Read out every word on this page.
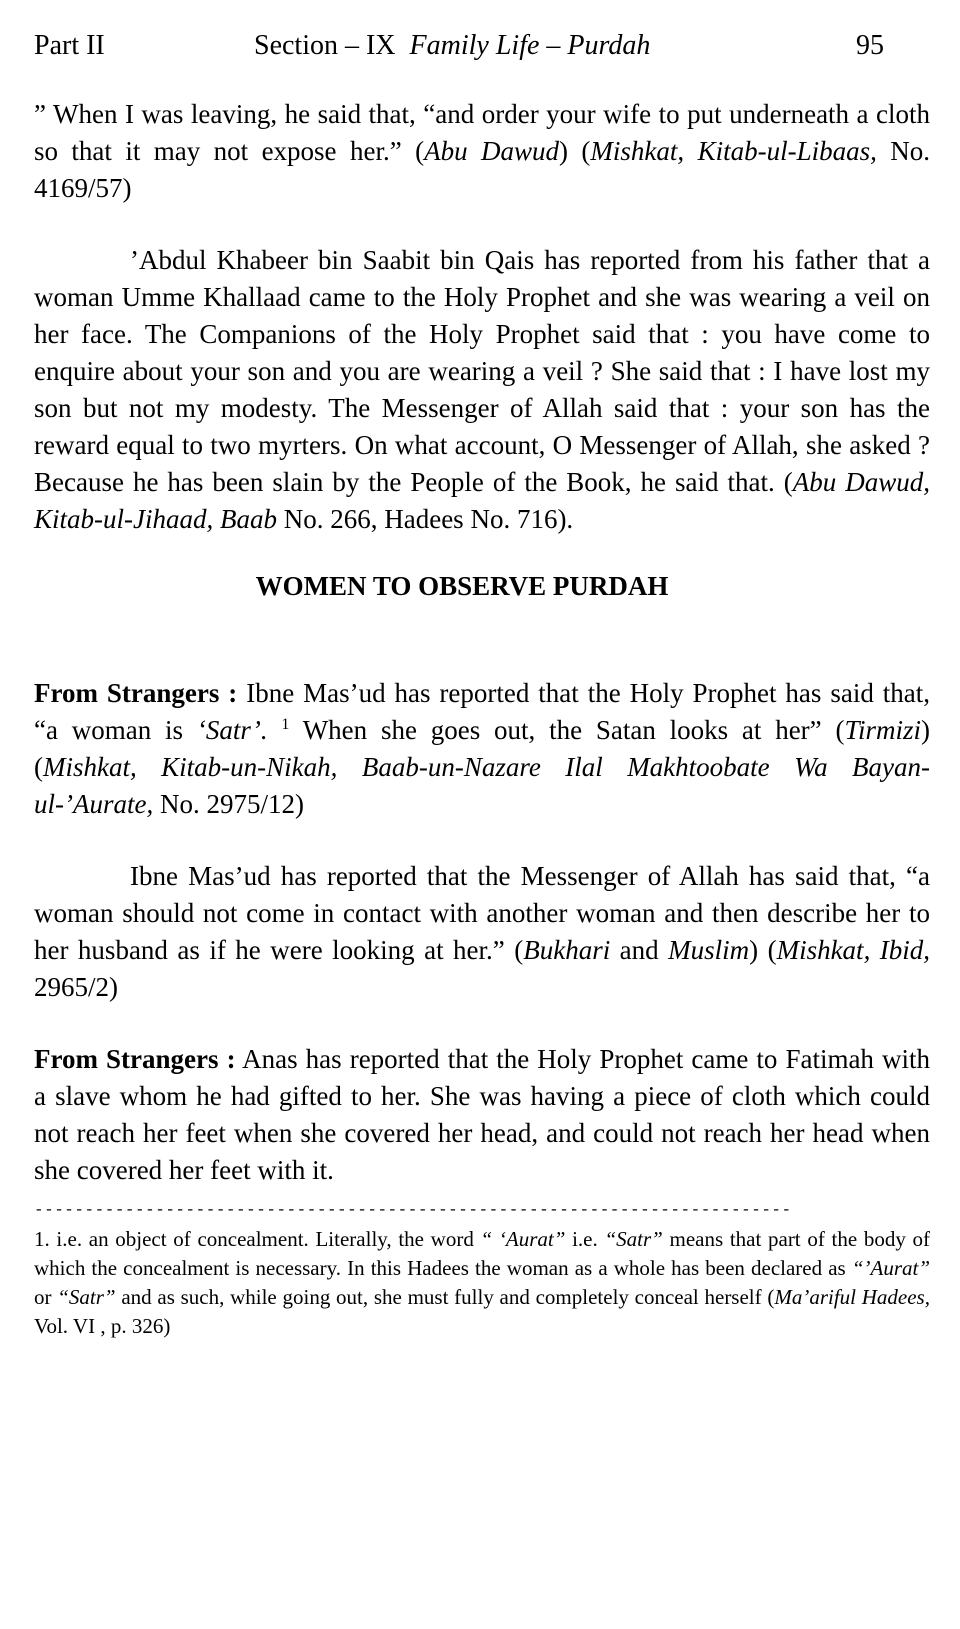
Part II	Section – IX Family Life – Purdah	95

” When I was leaving, he said that, “and order your wife to put underneath a cloth so that it may not expose her.” (Abu Dawud) (Mishkat, Kitab-ul-Libaas, No. 4169/57)

’Abdul Khabeer bin Saabit bin Qais has reported from his father that a woman Umme Khallaad came to the Holy Prophet and she was wearing a veil on her face. The Companions of the Holy Prophet said that : you have come to enquire about your son and you are wearing a veil ? She said that : I have lost my son but not my modesty. The Messenger of Allah said that : your son has the reward equal to two myrters. On what account, O Messenger of Allah, she asked ? Because he has been slain by the People of the Book, he said that. (Abu Dawud, Kitab-ul-Jihaad, Baab No. 266, Hadees No. 716).

WOMEN TO OBSERVE PURDAH

From Strangers : Ibne Mas’ud has reported that the Holy Prophet has said that, “a woman is ‘Satr’. $^1$ When she goes out, the Satan looks at her” (Tirmizi) (Mishkat, Kitab-un-Nikah, Baab-un-Nazare Ilal Makhtoobate Wa Bayan-ul-’Aurate, No. 2975/12)

Ibne Mas’ud has reported that the Messenger of Allah has said that, “a woman should not come in contact with another woman and then describe her to her husband as if he were looking at her.” (Bukhari and Muslim) (Mishkat, Ibid, 2965/2)

From Strangers : Anas has reported that the Holy Prophet came to Fatimah with a slave whom he had gifted to her. She was having a piece of cloth which could not reach her feet when she covered her head, and could not reach her head when she covered her feet with it.

---------------------------------------------------------------------------

1. i.e. an object of concealment. Literally, the word “ ‘Aurat” i.e. “Satr” means that part of the body of which the concealment is necessary. In this Hadees the woman as a whole has been declared as “’Aurat” or “Satr” and as such, while going out, she must fully and completely conceal herself (Ma’ariful Hadees, Vol. VI , p. 326)
